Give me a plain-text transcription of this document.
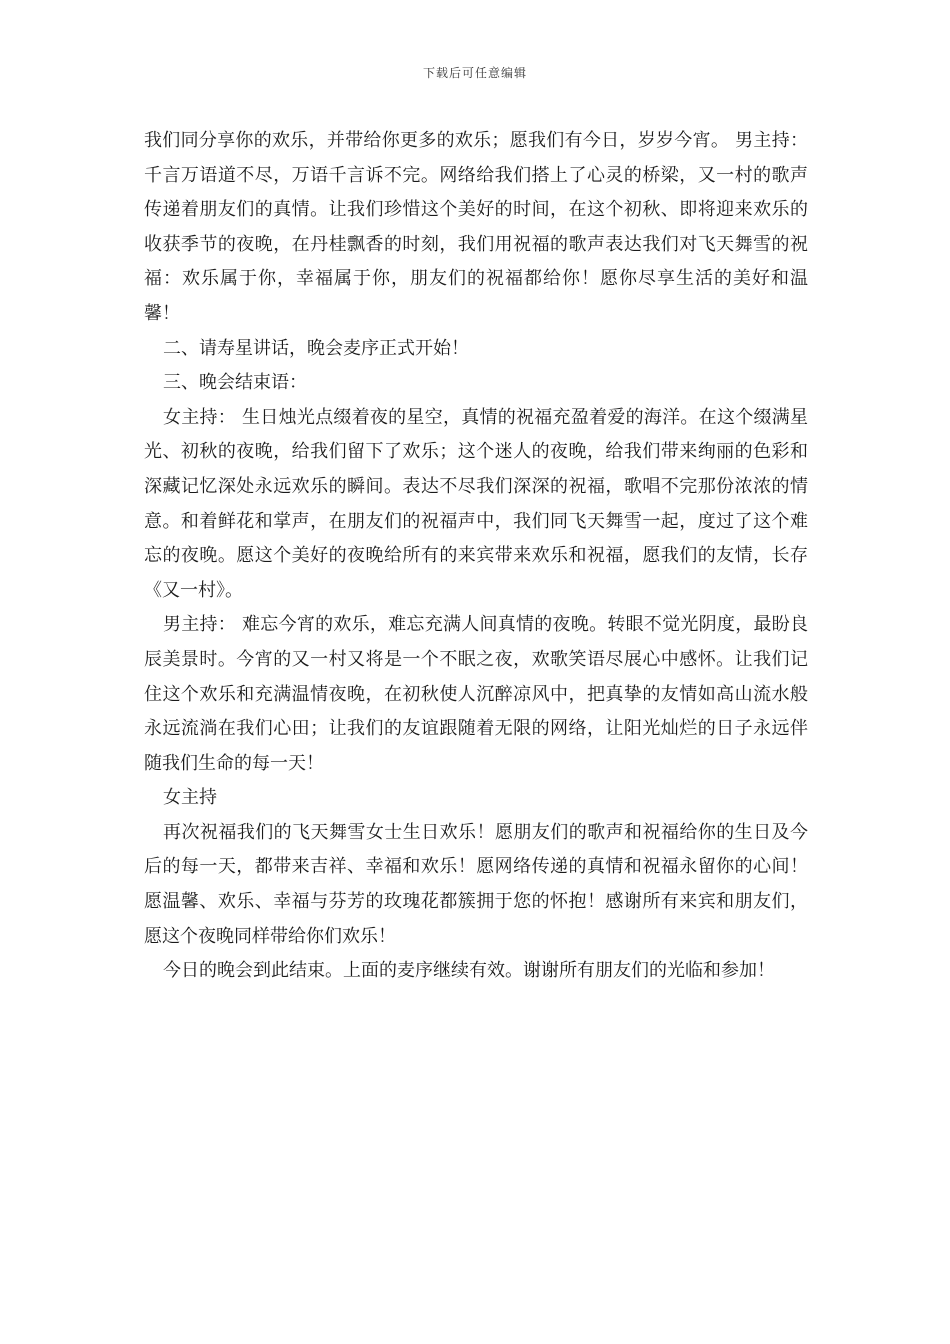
下载后可任意编辑

我们同分享你的欢乐，并带给你更多的欢乐；愿我们有今日，岁岁今宵。 男主持： 千言万语道不尽，万语千言诉不完。网络给我们搭上了心灵的桥梁，又一村的歌声传递着朋友们的真情。让我们珍惜这个美好的时间，在这个初秋、即将迎来欢乐的收获季节的夜晚，在丹桂飘香的时刻，我们用祝福的歌声表达我们对飞天舞雪的祝福：欢乐属于你，幸福属于你，朋友们的祝福都给你！愿你尽享生活的美好和温馨！

二、请寿星讲话，晚会麦序正式开始！

三、晚会结束语：

女主持： 生日烛光点缀着夜的星空，真情的祝福充盈着爱的海洋。在这个缀满星光、初秋的夜晚，给我们留下了欢乐；这个迷人的夜晚，给我们带来绚丽的色彩和深藏记忆深处永远欢乐的瞬间。表达不尽我们深深的祝福，歌唱不完那份浓浓的情意。和着鲜花和掌声，在朋友们的祝福声中，我们同飞天舞雪一起，度过了这个难忘的夜晚。愿这个美好的夜晚给所有的来宾带来欢乐和祝福，愿我们的友情，长存《又一村》。

男主持： 难忘今宵的欢乐，难忘充满人间真情的夜晚。转眼不觉光阴度，最盼良辰美景时。今宵的又一村又将是一个不眠之夜，欢歌笑语尽展心中感怀。让我们记住这个欢乐和充满温情夜晚，在初秋使人沉醉凉风中，把真挚的友情如高山流水般永远流淌在我们心田；让我们的友谊跟随着无限的网络，让阳光灿烂的日子永远伴随我们生命的每一天！

女主持

再次祝福我们的飞天舞雪女士生日欢乐！愿朋友们的歌声和祝福给你的生日及今后的每一天，都带来吉祥、幸福和欢乐！愿网络传递的真情和祝福永留你的心间！愿温馨、欢乐、幸福与芬芳的玫瑰花都簇拥于您的怀抱！感谢所有来宾和朋友们，愿这个夜晚同样带给你们欢乐！

今日的晚会到此结束。上面的麦序继续有效。谢谢所有朋友们的光临和参加！
